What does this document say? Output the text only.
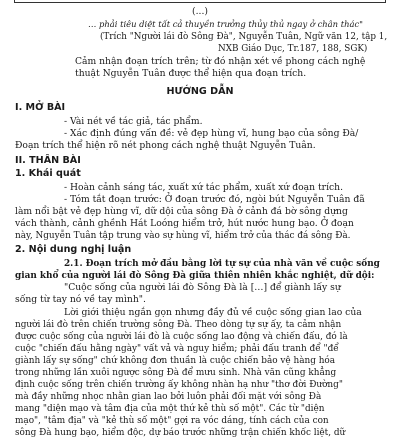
(...)
… phải tiêu diệt tất cả thuyền trưởng thủy thủ ngay ở chân thác"
(Trích "Người lái đò Sông Đà", Nguyễn Tuân, Ngữ văn 12, tập 1,
NXB Giáo Dục, Tr.187, 188, SGK)
Cảm nhận đoạn trích trên; từ đó nhận xét về phong cách nghệ
thuật Nguyễn Tuân được thể hiện qua đoạn trích.
HƯỚNG DẪN
I. MỞ BÀI
- Vài nét về tác giả, tác phẩm.
- Xác định đúng vấn đề: vẻ đẹp hùng vĩ, hung bạo của sông Đà/
Đoạn trích thể hiện rõ nét phong cách nghệ thuật Nguyễn Tuân.
II. THÂN BÀI
1. Khái quát
- Hoàn cảnh sáng tác, xuất xứ tác phẩm, xuất xứ đoạn trích.
- Tóm tắt đoạn trước: Ở đoạn trước đó, ngòi bút Nguyễn Tuân đã
làm nổi bật vẻ đẹp hùng vĩ, dữ dội của sông Đà ở cảnh đá bờ sông dựng
vách thành, cảnh ghềnh Hát Loóng hiểm trở, hút nước hung bạo. Ở đoạn
này, Nguyễn Tuân tập trung vào sự hùng vĩ, hiểm trở của thác đá sông Đà.
2. Nội dung nghị luận
2.1. Đoạn trích mở đầu bằng lời tự sự của nhà văn về cuộc sống
gian khổ của người lái đò Sông Đà giữa thiên nhiên khắc nghiệt, dữ dội:
"Cuộc sống của người lái đò Sông Đà là […] để giành lấy sự
sống từ tay nó về tay mình".
Lời giới thiệu ngắn gọn nhưng đầy đủ về cuộc sống gian lao của
người lái đò trên chiến trường sông Đà. Theo dòng tự sự ấy, ta cảm nhận
được cuộc sống của người lái đò là cuộc sống lao động và chiến đấu, đó là
cuộc "chiến đấu hằng ngày" vất vả và nguy hiểm; phải đấu tranh để "để
giành lấy sự sống" chứ không đơn thuần là cuộc chiến bảo vệ hàng hóa
trong những lần xuôi ngược sông Đà để mưu sinh. Nhà văn cũng khẳng
định cuộc sống trên chiến trường ấy không nhàn hạ như "thơ đời Đường"
mà đầy những nhọc nhằn gian lao bởi luôn phải đối mặt với sông Đà
mang "diện mạo và tâm địa của một thứ kẻ thù số một". Các từ "diện
mạo", "tâm địa" và "kẻ thù số một" gợi ra vóc dáng, tính cách của con
sông Đà hung bạo, hiểm độc, dự báo trước những trận chiến khốc liệt, dữ
